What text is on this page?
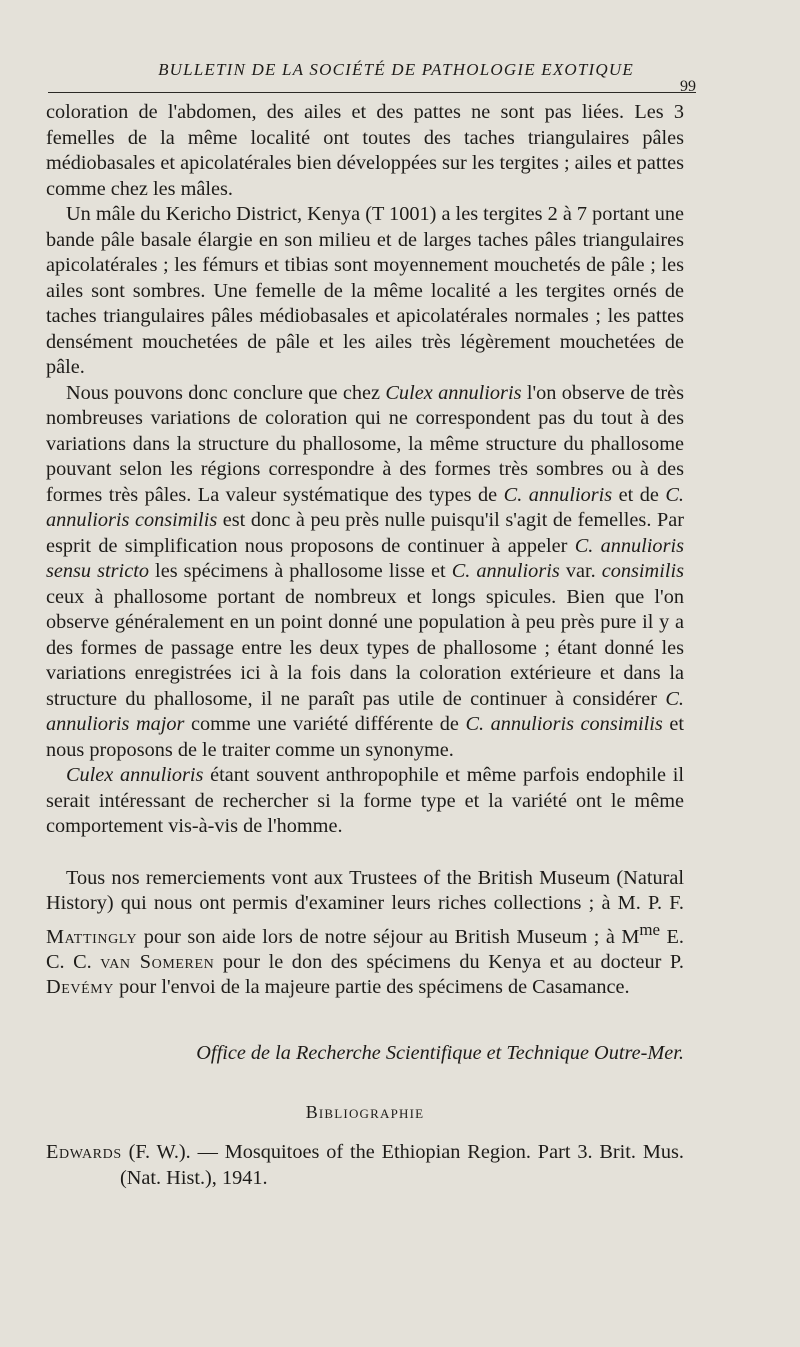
BULLETIN DE LA SOCIÉTÉ DE PATHOLOGIE EXOTIQUE
99

coloration de l'abdomen, des ailes et des pattes ne sont pas liées. Les 3 femelles de la même localité ont toutes des taches triangulaires pâles médiobasales et apicolatérales bien développées sur les tergites ; ailes et pattes comme chez les mâles.

Un mâle du Kericho District, Kenya (T 1001) a les tergites 2 à 7 portant une bande pâle basale élargie en son milieu et de larges taches pâles triangulaires apicolatérales ; les fémurs et tibias sont moyennement mouchetés de pâle ; les ailes sont sombres. Une femelle de la même localité a les tergites ornés de taches triangulaires pâles médiobasales et apicolatérales normales ; les pattes densément mouchetées de pâle et les ailes très légèrement mouchetées de pâle.

Nous pouvons donc conclure que chez Culex annulioris l'on observe de très nombreuses variations de coloration qui ne correspondent pas du tout à des variations dans la structure du phallosome, la même structure du phallosome pouvant selon les régions correspondre à des formes très sombres ou à des formes très pâles. La valeur systématique des types de C. annulioris et de C. annulioris consimilis est donc à peu près nulle puisqu'il s'agit de femelles. Par esprit de simplification nous proposons de continuer à appeler C. annulioris sensu stricto les spécimens à phallosome lisse et C. annulioris var. consimilis ceux à phallosome portant de nombreux et longs spicules. Bien que l'on observe généralement en un point donné une population à peu près pure il y a des formes de passage entre les deux types de phallosome ; étant donné les variations enregistrées ici à la fois dans la coloration extérieure et dans la structure du phallosome, il ne paraît pas utile de continuer à considérer C. annulioris major comme une variété différente de C. annulioris consimilis et nous proposons de le traiter comme un synonyme.

Culex annulioris étant souvent anthropophile et même parfois endophile il serait intéressant de rechercher si la forme type et la variété ont le même comportement vis-à-vis de l'homme.

Tous nos remerciements vont aux Trustees of the British Museum (Natural History) qui nous ont permis d'examiner leurs riches collections ; à M. P. F. Mattingly pour son aide lors de notre séjour au British Museum ; à $M^{me}$ E. C. C. van Someren pour le don des spécimens du Kenya et au docteur P. Devémy pour l'envoi de la majeure partie des spécimens de Casamance.

Office de la Recherche Scientifique et Technique Outre-Mer.
Bibliographie
Edwards (F. W.). — Mosquitoes of the Ethiopian Region. Part 3. Brit. Mus. (Nat. Hist.), 1941.
